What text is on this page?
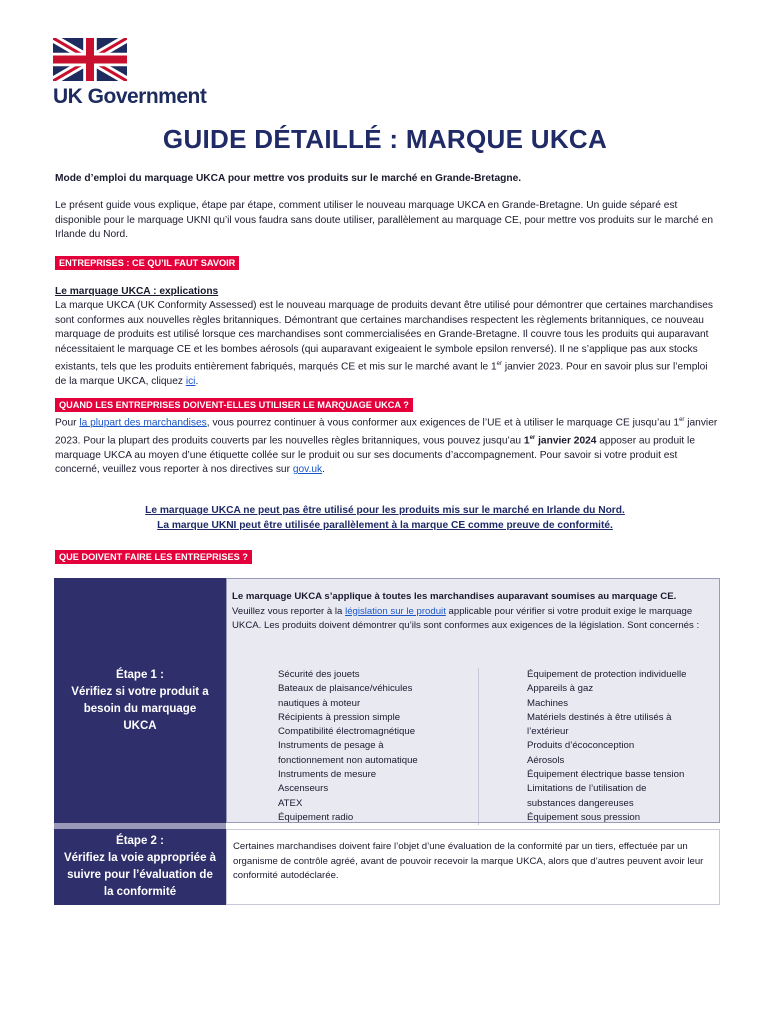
UK Government
GUIDE DÉTAILLÉ : MARQUE UKCA
Mode d’emploi du marquage UKCA pour mettre vos produits sur le marché en Grande-Bretagne.
Le présent guide vous explique, étape par étape, comment utiliser le nouveau marquage UKCA en Grande-Bretagne. Un guide séparé est disponible pour le marquage UKNI qu’il vous faudra sans doute utiliser, parallèlement au marquage CE, pour mettre vos produits sur le marché en Irlande du Nord.
ENTREPRISES : CE QU’IL FAUT SAVOIR
Le marquage UKCA : explications
La marque UKCA (UK Conformity Assessed) est le nouveau marquage de produits devant être utilisé pour démontrer que certaines marchandises sont conformes aux nouvelles règles britanniques. Démontrant que certaines marchandises respectent les règlements britanniques, ce nouveau marquage de produits est utilisé lorsque ces marchandises sont commercialisées en Grande-Bretagne. Il couvre tous les produits qui auparavant nécessitaient le marquage CE et les bombes aérosols (qui auparavant exigeaient le symbole epsilon renversé). Il ne s’applique pas aux stocks existants, tels que les produits entièrement fabriqués, marqués CE et mis sur le marché avant le 1er janvier 2023. Pour en savoir plus sur l’emploi de la marque UKCA, cliquez ici.
QUAND LES ENTREPRISES DOIVENT-ELLES UTILISER LE MARQUAGE UKCA ?
Pour la plupart des marchandises, vous pourrez continuer à vous conformer aux exigences de l’UE et à utiliser le marquage CE jusqu’au 1er janvier 2023. Pour la plupart des produits couverts par les nouvelles règles britanniques, vous pouvez jusqu’au 1er janvier 2024 apposer au produit le marquage UKCA au moyen d’une étiquette collée sur le produit ou sur ses documents d’accompagnement. Pour savoir si votre produit est concerné, veuillez vous reporter à nos directives sur gov.uk.
Le marquage UKCA ne peut pas être utilisé pour les produits mis sur le marché en Irlande du Nord.
La marque UKNI peut être utilisée parallèlement à la marque CE comme preuve de conformité.
QUE DOIVENT FAIRE LES ENTREPRISES ?
Étape 1 :
Vérifiez si votre produit a besoin du marquage UKCA
Le marquage UKCA s’applique à toutes les marchandises auparavant soumises au marquage CE.
Veuillez vous reporter à la législation sur le produit applicable pour vérifier si votre produit exige le marquage UKCA. Les produits doivent démontrer qu’ils sont conformes aux exigences de la législation. Sont concernés :
Sécurité des jouets
Bateaux de plaisance/véhicules
nautiques à moteur
Récipients à pression simple
Compatibilité électromagnétique
Instruments de pesage à
fonctionnement non automatique
Instruments de mesure
Ascenseurs
ATEX
Équipement radio
Équipement de protection individuelle
Appareils à gaz
Machines
Matériels destinés à être utilisés à
l’extérieur
Produits d’écoconception
Aérosols
Équipement électrique basse tension
Limitations de l’utilisation de
substances dangereuses
Équipement sous pression
Étape 2 :
Vérifiez la voie appropriée à suivre pour l’évaluation de la conformité
Certaines marchandises doivent faire l’objet d’une évaluation de la conformité par un tiers, effectuée par un organisme de contrôle agréé, avant de pouvoir recevoir la marque UKCA, alors que d’autres peuvent avoir leur conformité autodéclarée.
